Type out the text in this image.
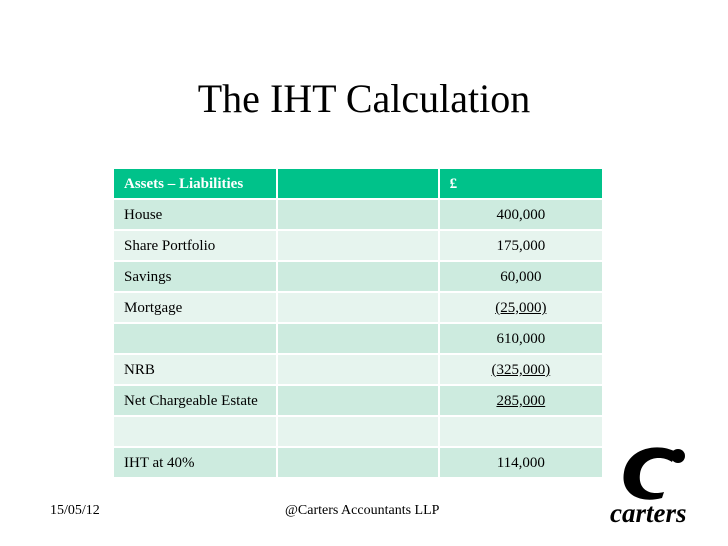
The IHT Calculation
Assets – Liabilities		£
House		400,000
Share Portfolio		175,000
Savings		60,000
Mortgage		(25,000)
		610,000
NRB		(325,000)
Net Chargeable Estate		285,000

IHT at 40%		114,000
15/05/12	@Carters Accountants LLP	carters
